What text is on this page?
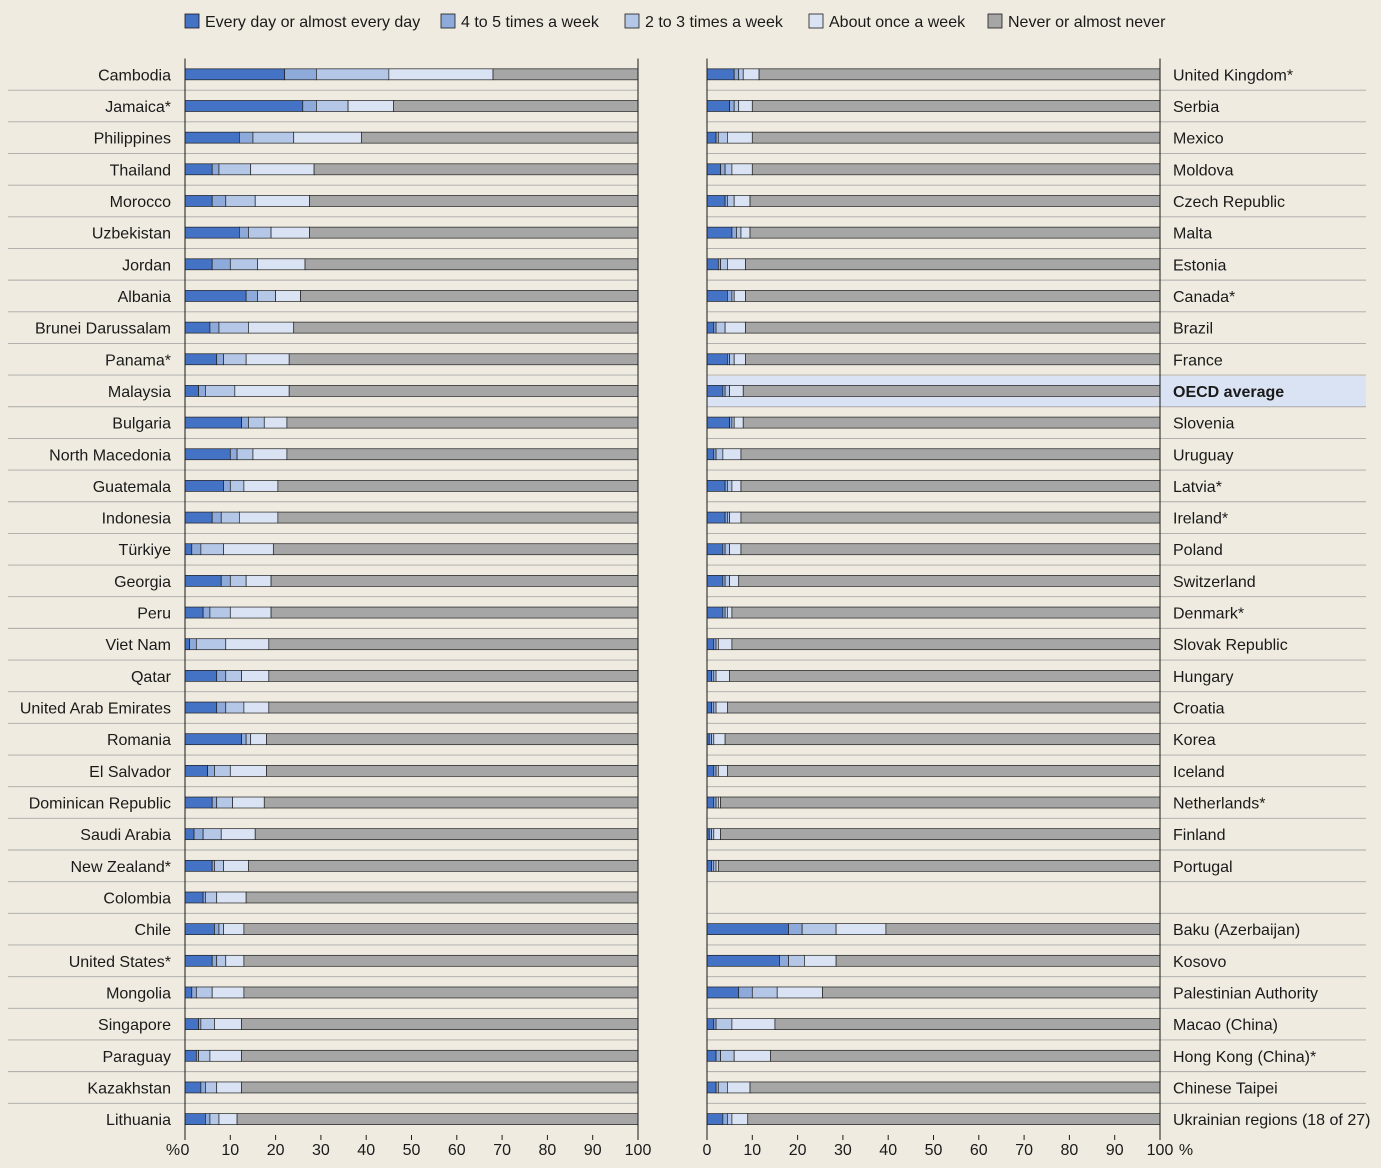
Every day or almost every day	4 to 5 times a week	2 to 3 times a week	About once a week	Never or almost never
Cambodia
Jamaica*
Philippines
Thailand
Morocco
Uzbekistan
Jordan
Albania
Brunei Darussalam
Panama*
Malaysia
Bulgaria
North Macedonia
Guatemala
Indonesia
Türkiye
Georgia
Peru
Viet Nam
Qatar
United Arab Emirates
Romania
El Salvador
Dominican Republic
Saudi Arabia
New Zealand*
Colombia
Chile
United States*
Mongolia
Singapore
Paraguay
Kazakhstan
Lithuania
0 10 20 30 40 50 60 70 80 90 100
%
United Kingdom*
Serbia
Mexico
Moldova
Czech Republic
Malta
Estonia
Canada*
Brazil
France
OECD average
Slovenia
Uruguay
Latvia*
Ireland*
Poland
Switzerland
Denmark*
Slovak Republic
Hungary
Croatia
Korea
Iceland
Netherlands*
Finland
Portugal
Baku (Azerbaijan)
Kosovo
Palestinian Authority
Macao (China)
Hong Kong (China)*
Chinese Taipei
Ukrainian regions (18 of 27)
0 10 20 30 40 50 60 70 80 90 100 %
